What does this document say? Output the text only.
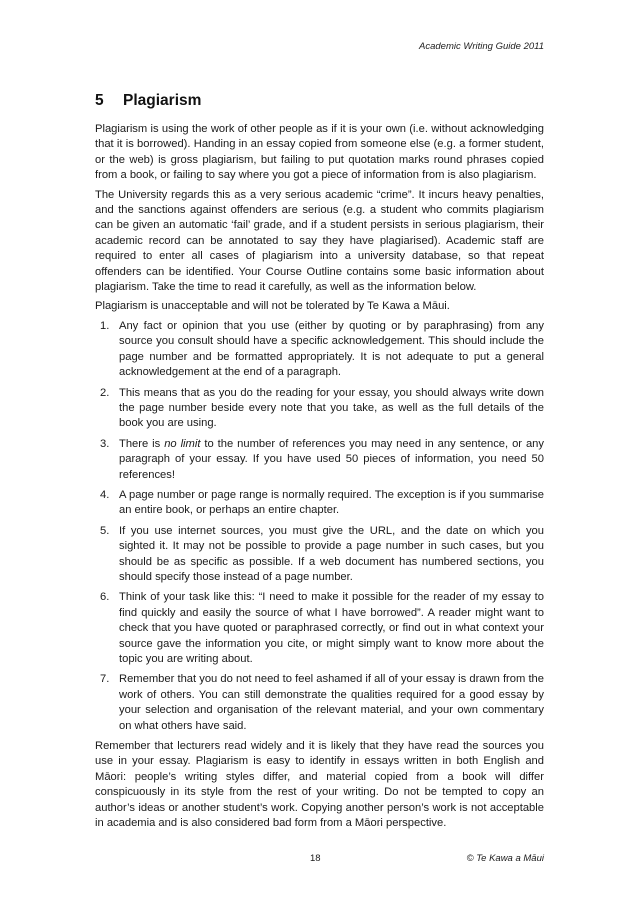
Academic Writing Guide 2011
5 Plagiarism

Plagiarism is using the work of other people as if it is your own (i.e. without acknowledging that it is borrowed). Handing in an essay copied from someone else (e.g. a former student, or the web) is gross plagiarism, but failing to put quotation marks round phrases copied from a book, or failing to say where you got a piece of information from is also plagiarism.

The University regards this as a very serious academic “crime”. It incurs heavy penalties, and the sanctions against offenders are serious (e.g. a student who commits plagiarism can be given an automatic ‘fail’ grade, and if a student persists in serious plagiarism, their academic record can be annotated to say they have plagiarised). Academic staff are required to enter all cases of plagiarism into a university database, so that repeat offenders can be identified. Your Course Outline contains some basic information about plagiarism. Take the time to read it carefully, as well as the information below.

Plagiarism is unacceptable and will not be tolerated by Te Kawa a Māui.

1. Any fact or opinion that you use (either by quoting or by paraphrasing) from any source you consult should have a specific acknowledgement. This should include the page number and be formatted appropriately. It is not adequate to put a general acknowledgement at the end of a paragraph.
2. This means that as you do the reading for your essay, you should always write down the page number beside every note that you take, as well as the full details of the book you are using.
3. There is no limit to the number of references you may need in any sentence, or any paragraph of your essay. If you have used 50 pieces of information, you need 50 references!
4. A page number or page range is normally required. The exception is if you summarise an entire book, or perhaps an entire chapter.
5. If you use internet sources, you must give the URL, and the date on which you sighted it. It may not be possible to provide a page number in such cases, but you should be as specific as possible. If a web document has numbered sections, you should specify those instead of a page number.
6. Think of your task like this: “I need to make it possible for the reader of my essay to find quickly and easily the source of what I have borrowed”. A reader might want to check that you have quoted or paraphrased correctly, or find out in what context your source gave the information you cite, or might simply want to know more about the topic you are writing about.
7. Remember that you do not need to feel ashamed if all of your essay is drawn from the work of others. You can still demonstrate the qualities required for a good essay by your selection and organisation of the relevant material, and your own commentary on what others have said.

Remember that lecturers read widely and it is likely that they have read the sources you use in your essay. Plagiarism is easy to identify in essays written in both English and Māori: people’s writing styles differ, and material copied from a book will differ conspicuously in its style from the rest of your writing. Do not be tempted to copy an author’s ideas or another student’s work. Copying another person’s work is not acceptable in academia and is also considered bad form from a Māori perspective.

18	© Te Kawa a Māui
